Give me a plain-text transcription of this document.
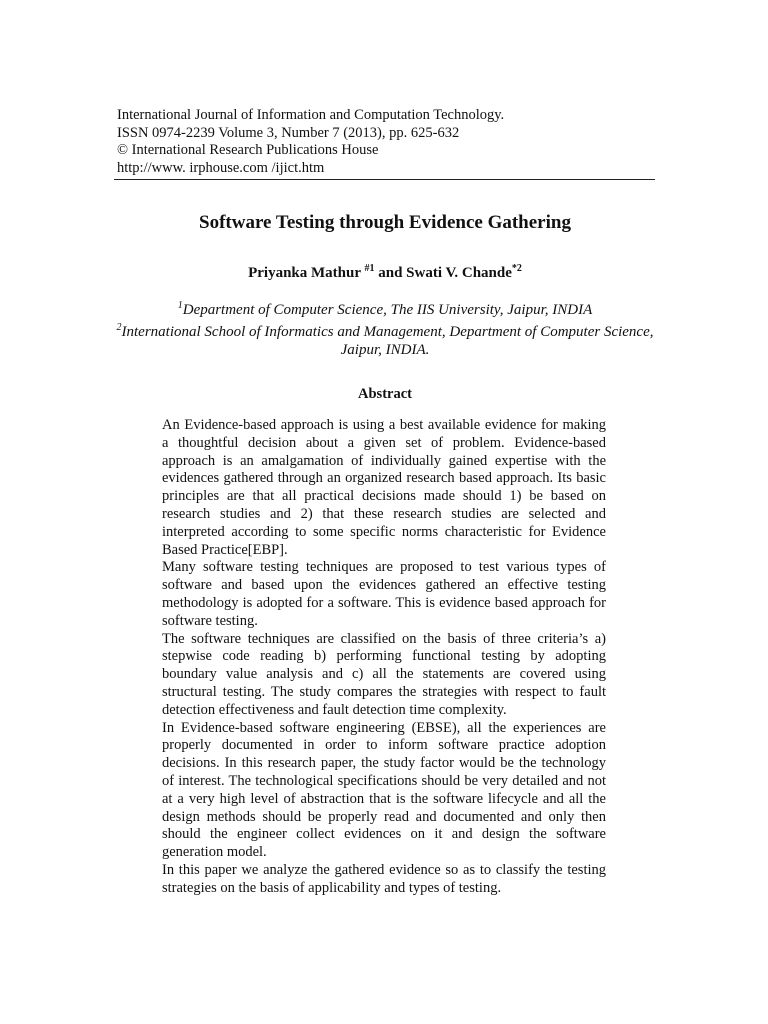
International Journal of Information and Computation Technology.
ISSN 0974-2239 Volume 3, Number 7 (2013), pp. 625-632
© International Research Publications House
http://www. irphouse.com /ijict.htm
Software Testing through Evidence Gathering
Priyanka Mathur $^{\#1}$ and Swati V. Chande$^{*2}$
$^1$Department of Computer Science, The IIS University, Jaipur, INDIA
$^2$International School of Informatics and Management, Department of Computer Science, Jaipur, INDIA.
Abstract

An Evidence-based approach is using a best available evidence for making a thoughtful decision about a given set of problem. Evidence-based approach is an amalgamation of individually gained expertise with the evidences gathered through an organized research based approach. Its basic principles are that all practical decisions made should 1) be based on research studies and 2) that these research studies are selected and interpreted according to some specific norms characteristic for Evidence Based Practice[EBP].

Many software testing techniques are proposed to test various types of software and based upon the evidences gathered an effective testing methodology is adopted for a software. This is evidence based approach for software testing.

The software techniques are classified on the basis of three criteria’s a) stepwise code reading b) performing functional testing by adopting boundary value analysis and c) all the statements are covered using structural testing. The study compares the strategies with respect to fault detection effectiveness and fault detection time complexity.

In Evidence-based software engineering (EBSE), all the experiences are properly documented in order to inform software practice adoption decisions. In this research paper, the study factor would be the technology of interest. The technological specifications should be very detailed and not at a very high level of abstraction that is the software lifecycle and all the design methods should be properly read and documented and only then should the engineer collect evidences on it and design the software generation model.

In this paper we analyze the gathered evidence so as to classify the testing strategies on the basis of applicability and types of testing.
